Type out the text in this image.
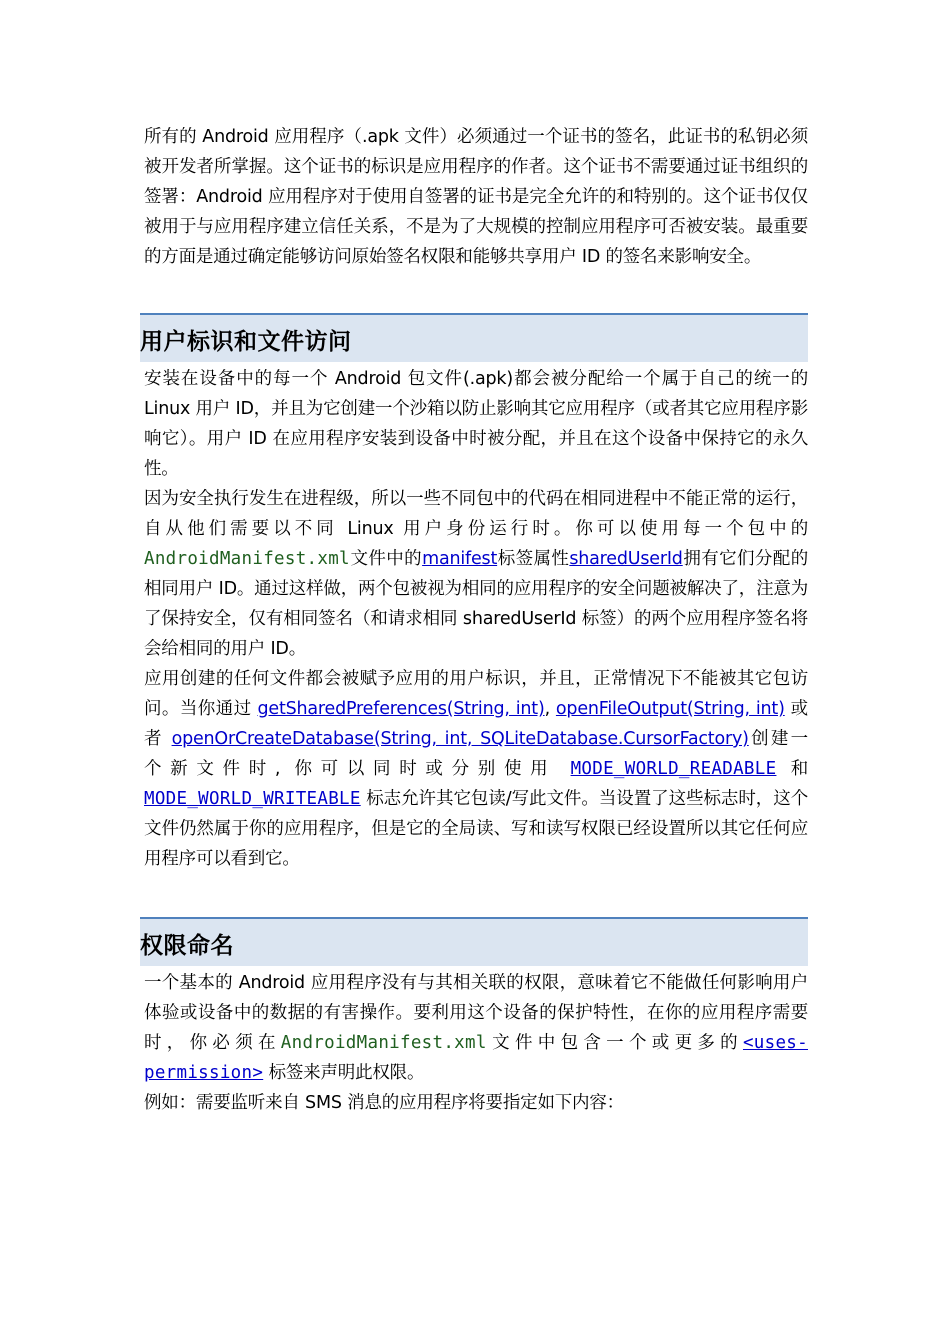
所有的 Android 应用程序（.apk 文件）必须通过一个证书的签名，此证书的私钥必须被开发者所掌握。这个证书的标识是应用程序的作者。这个证书不需要通过证书组织的签署：Android 应用程序对于使用自签署的证书是完全允许的和特别的。这个证书仅仅被用于与应用程序建立信任关系，不是为了大规模的控制应用程序可否被安装。最重要的方面是通过确定能够访问原始签名权限和能够共享用户 ID 的签名来影响安全。

用户标识和文件访问

安装在设备中的每一个 Android 包文件(.apk)都会被分配给一个属于自己的统一的 Linux 用户 ID，并且为它创建一个沙箱以防止影响其它应用程序（或者其它应用程序影响它）。用户 ID 在应用程序安装到设备中时被分配，并且在这个设备中保持它的永久性。

因为安全执行发生在进程级，所以一些不同包中的代码在相同进程中不能正常的运行，自从他们需要以不同 Linux 用户身份运行时。你可以使用每一个包中的AndroidManifest.xml文件中的manifest标签属性sharedUserId拥有它们分配的相同用户 ID。通过这样做，两个包被视为相同的应用程序的安全问题被解决了，注意为了保持安全，仅有相同签名（和请求相同 sharedUserId 标签）的两个应用程序签名将会给相同的用户 ID。

应用创建的任何文件都会被赋予应用的用户标识，并且，正常情况下不能被其它包访问。当你通过 getSharedPreferences(String, int), openFileOutput(String, int) 或者 openOrCreateDatabase(String, int, SQLiteDatabase.CursorFactory)创建一个新文件时, 你可以同时或分别使用 MODE_WORLD_READABLE 和 MODE_WORLD_WRITEABLE 标志允许其它包读/写此文件。当设置了这些标志时，这个文件仍然属于你的应用程序，但是它的全局读、写和读写权限已经设置所以其它任何应用程序可以看到它。

权限命名

一个基本的 Android 应用程序没有与其相关联的权限，意味着它不能做任何影响用户体验或设备中的数据的有害操作。要利用这个设备的保护特性，在你的应用程序需要时，你必须在AndroidManifest.xml文件中包含一个或更多的<uses-permission> 标签来声明此权限。

例如：需要监听来自 SMS 消息的应用程序将要指定如下内容：
